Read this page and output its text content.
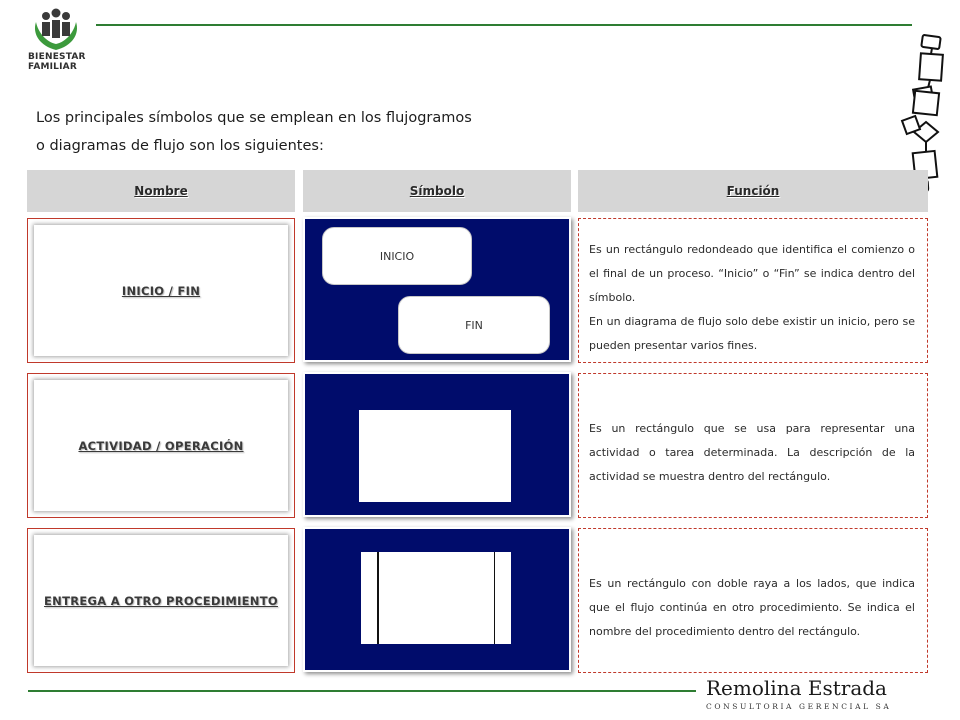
BIENESTAR
FAMILIAR
Los principales símbolos que se emplean en los flujogramos
o diagramas de flujo son los siguientes:
Nombre	Símbolo	Función
INICIO / FIN
INICIO
FIN

Es un rectángulo redondeado que identifica el comienzo o el final de un proceso. “Inicio” o “Fin” se indica dentro del símbolo.

En un diagrama de flujo solo debe existir un inicio, pero se pueden presentar varios fines.

ACTIVIDAD / OPERACIÓN

Es un rectángulo que se usa para representar una actividad o tarea determinada. La descripción de la actividad se muestra dentro del rectángulo.

ENTREGA A OTRO PROCEDIMIENTO

Es un rectángulo con doble raya a los lados, que indica que el flujo continúa en otro procedimiento. Se indica el nombre del procedimiento dentro del rectángulo.

Remolina Estrada
CONSULTORIA GERENCIAL SA
